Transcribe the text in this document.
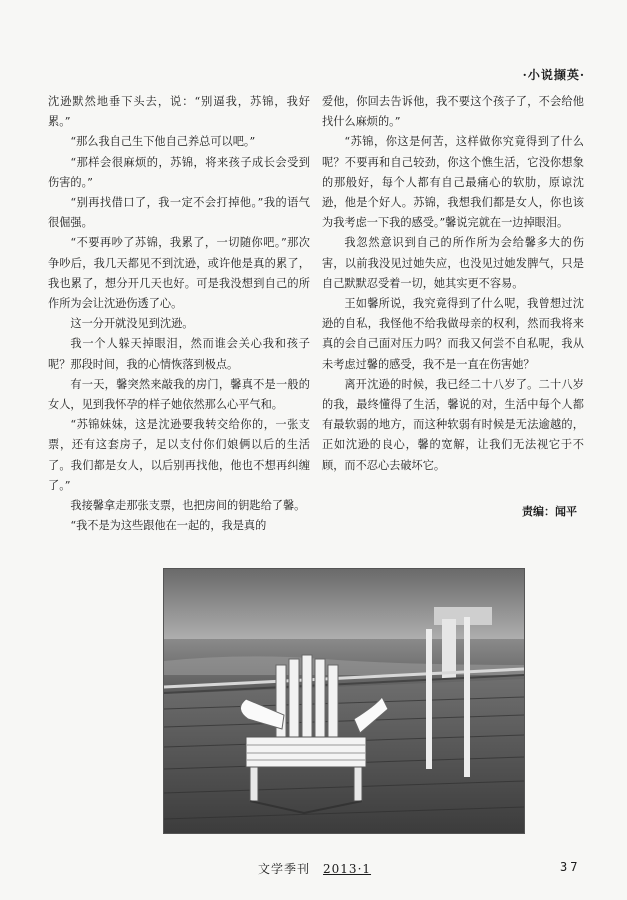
·小说撷英·

沈逊默然地垂下头去，说：“别逼我，苏锦，我好累。”

“那么我自己生下他自己养总可以吧。”

“那样会很麻烦的，苏锦，将来孩子成长会受到伤害的。”

“别再找借口了，我一定不会打掉他。”我的语气很倔强。

“不要再吵了苏锦，我累了，一切随你吧。”那次争吵后，我几天都见不到沈逊，或许他是真的累了，我也累了，想分开几天也好。可是我没想到自己的所作所为会让沈逊伤透了心。

这一分开就没见到沈逊。

我一个人躲天掉眼泪，然而谁会关心我和孩子呢？那段时间，我的心情恢落到极点。

有一天，馨突然来敲我的房门，馨真不是一般的女人，见到我怀孕的样子她依然那么心平气和。

“苏锦妹妹，这是沈逊要我转交给你的，一张支票，还有这套房子，足以支付你们娘俩以后的生活了。我们都是女人，以后别再找他，他也不想再纠缠了。”

我接馨拿走那张支票，也把房间的钥匙给了馨。

“我不是为这些跟他在一起的，我是真的

爱他，你回去告诉他，我不要这个孩子了，不会给他找什么麻烦的。”

“苏锦，你这是何苦，这样做你究竟得到了什么呢？不要再和自己较劲，你这个憔生活，它没你想象的那般好，每个人都有自己最痛心的软肋，原谅沈逊，他是个好人。苏锦，我想我们都是女人，你也该为我考虑一下我的感受。”馨说完就在一边掉眼泪。

我忽然意识到自己的所作所为会给馨多大的伤害，以前我没见过她失应，也没见过她发脾气，只是自己默默忍受着一切，她其实更不容易。

王如馨所说，我究竟得到了什么呢，我曾想过沈逊的自私，我怪他不给我做母亲的权利，然而我将来真的会自己面对压力吗？而我又何尝不自私呢，我从未考虑过馨的感受，我不是一直在伤害她？

离开沈逊的时候，我已经二十八岁了。二十八岁的我，最终懂得了生活，馨说的对，生活中每个人都有最软弱的地方，而这种软弱有时候是无法逾越的，正如沈逊的良心，馨的宽解，让我们无法视它于不顾，而不忍心去破坏它。

责编：闻平
文学季刊　 2013·1	37
